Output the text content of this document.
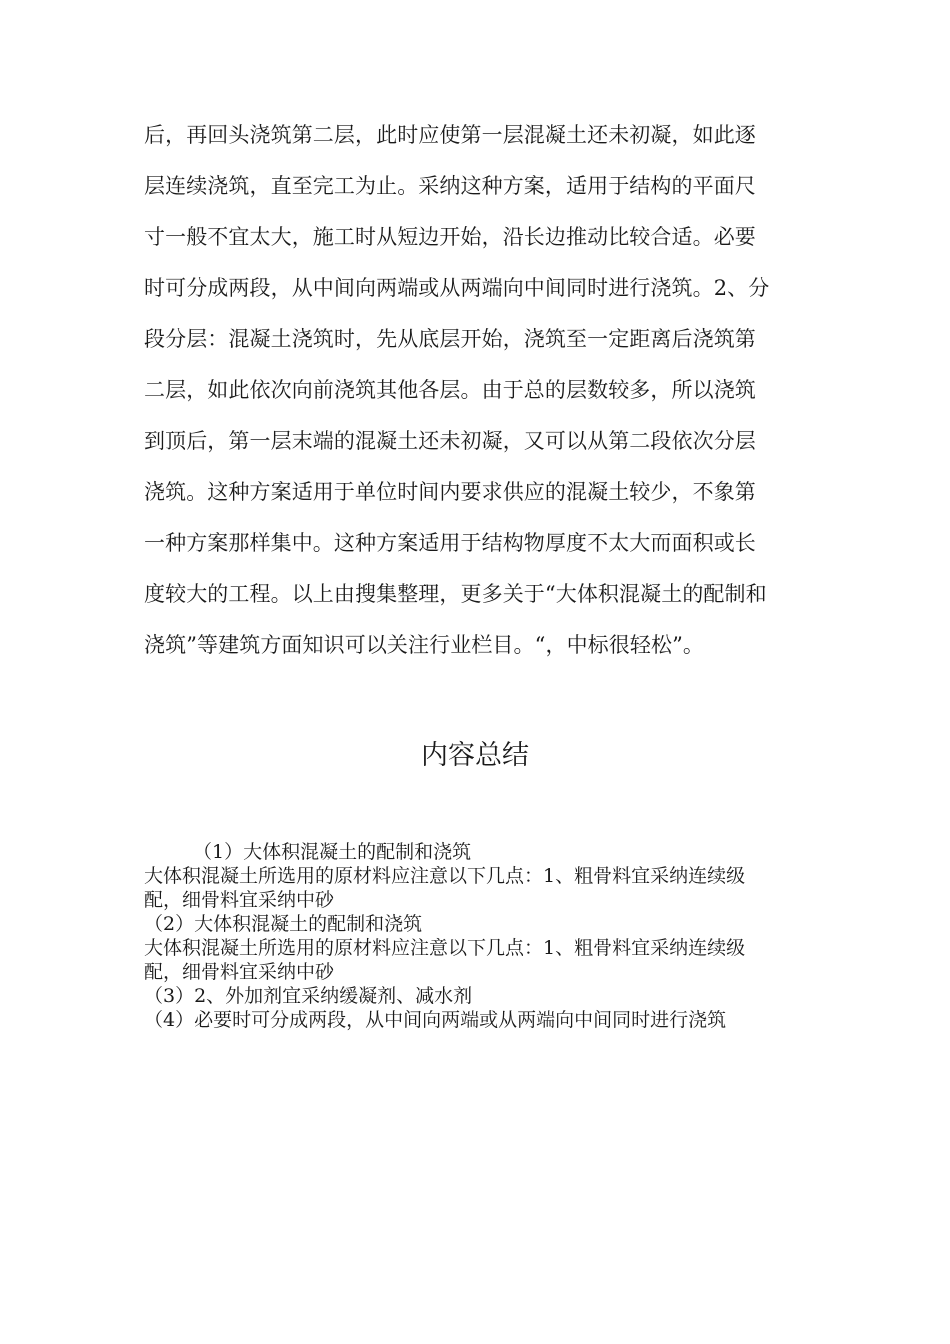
后，再回头浇筑第二层，此时应使第一层混凝土还未初凝，如此逐
层连续浇筑，直至完工为止。采纳这种方案，适用于结构的平面尺
寸一般不宜太大，施工时从短边开始，沿长边推动比较合适。必要
时可分成两段，从中间向两端或从两端向中间同时进行浇筑。2、分
段分层：混凝土浇筑时，先从底层开始，浇筑至一定距离后浇筑第
二层，如此依次向前浇筑其他各层。由于总的层数较多，所以浇筑
到顶后，第一层末端的混凝土还未初凝，又可以从第二段依次分层
浇筑。这种方案适用于单位时间内要求供应的混凝土较少，不象第
一种方案那样集中。这种方案适用于结构物厚度不太大而面积或长
度较大的工程。以上由搜集整理，更多关于“大体积混凝土的配制和
浇筑”等建筑方面知识可以关注行业栏目。“，中标很轻松”。
内容总结
（1）大体积混凝土的配制和浇筑
大体积混凝土所选用的原材料应注意以下几点：1、粗骨料宜采纳连续级
配，细骨料宜采纳中砂
（2）大体积混凝土的配制和浇筑
大体积混凝土所选用的原材料应注意以下几点：1、粗骨料宜采纳连续级
配，细骨料宜采纳中砂
（3）2、外加剂宜采纳缓凝剂、减水剂
（4）必要时可分成两段，从中间向两端或从两端向中间同时进行浇筑
